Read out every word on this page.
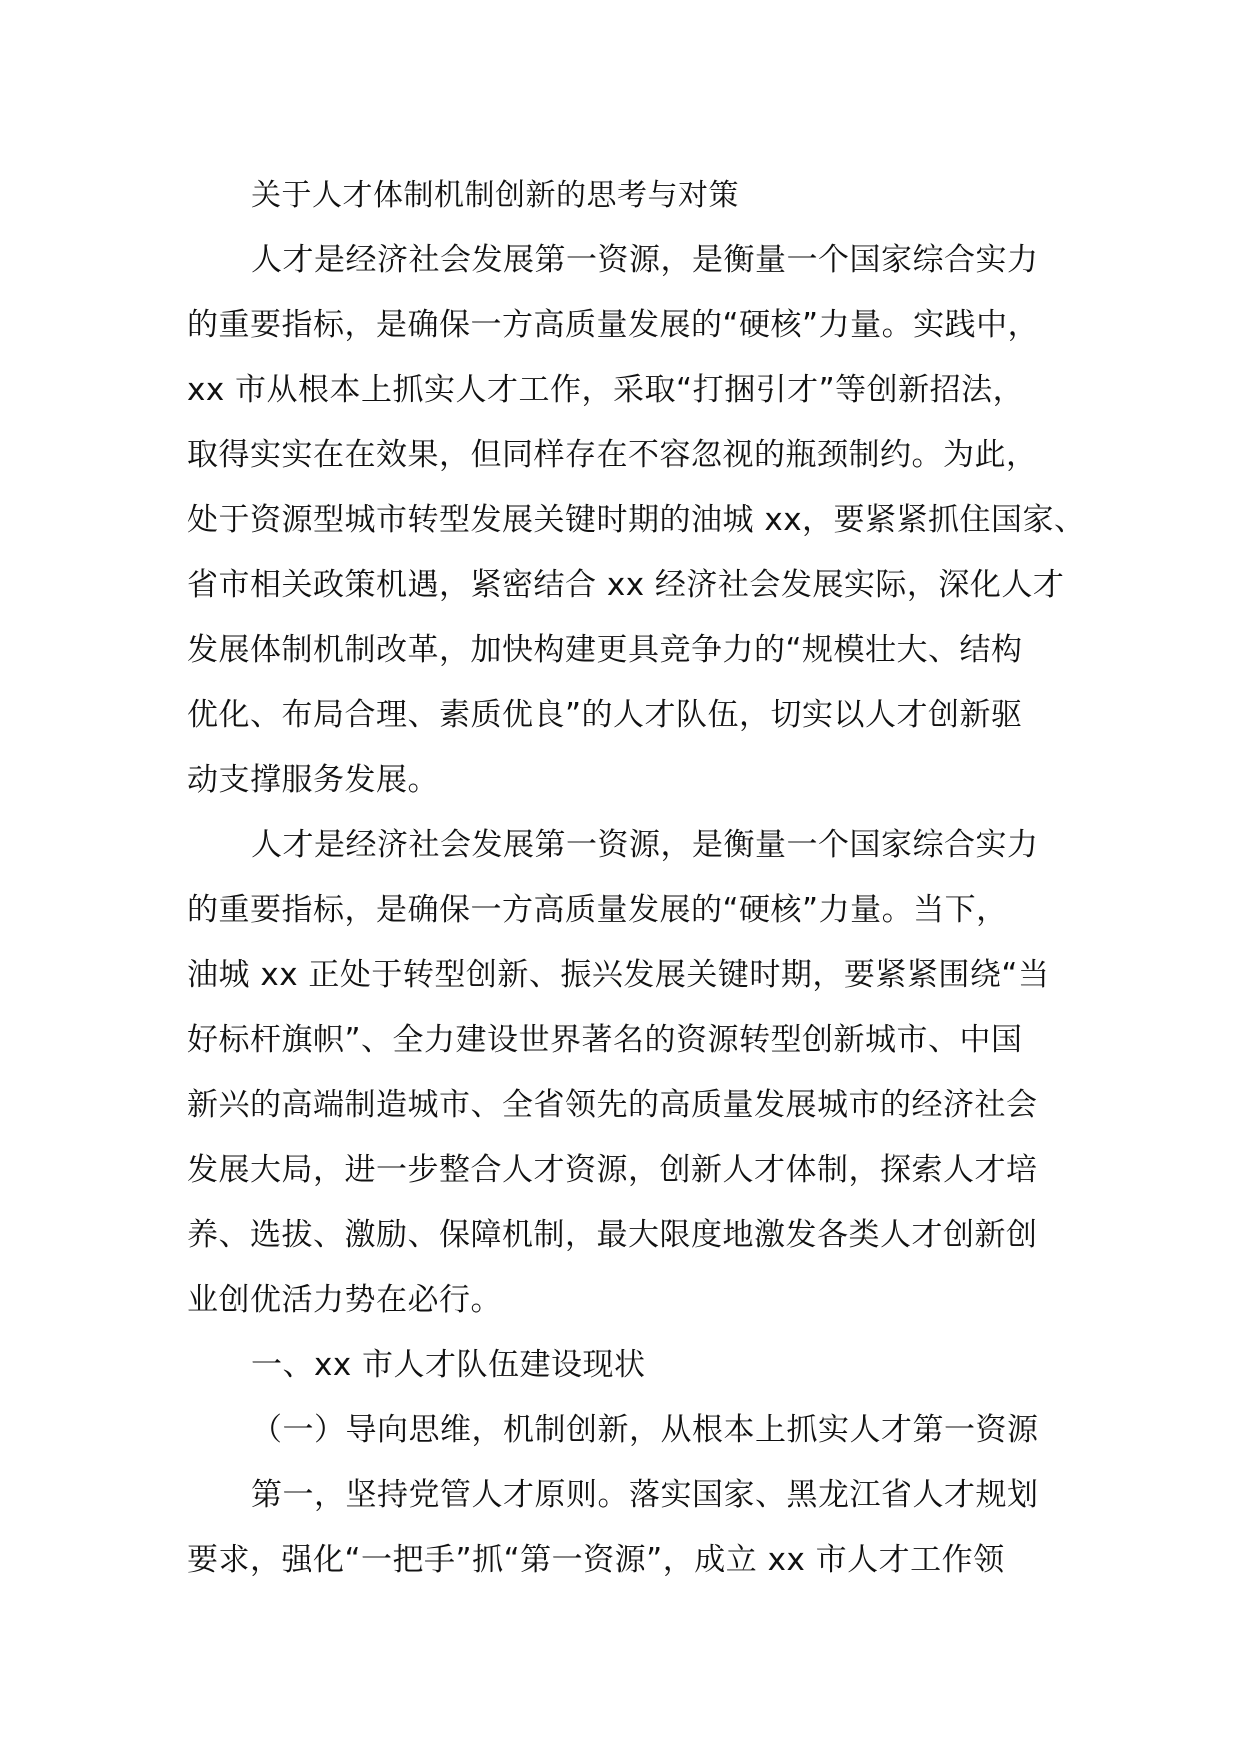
关于人才体制机制创新的思考与对策
人才是经济社会发展第一资源，是衡量一个国家综合实力
的重要指标，是确保一方高质量发展的“硬核”力量。实践中，
xx 市从根本上抓实人才工作，采取“打捆引才”等创新招法，
取得实实在在效果，但同样存在不容忽视的瓶颈制约。为此，
处于资源型城市转型发展关键时期的油城 xx，要紧紧抓住国家、
省市相关政策机遇，紧密结合 xx 经济社会发展实际，深化人才
发展体制机制改革，加快构建更具竞争力的“规模壮大、结构
优化、布局合理、素质优良”的人才队伍，切实以人才创新驱
动支撑服务发展。
人才是经济社会发展第一资源，是衡量一个国家综合实力
的重要指标，是确保一方高质量发展的“硬核”力量。当下，
油城 xx 正处于转型创新、振兴发展关键时期，要紧紧围绕“当
好标杆旗帜”、全力建设世界著名的资源转型创新城市、中国
新兴的高端制造城市、全省领先的高质量发展城市的经济社会
发展大局，进一步整合人才资源，创新人才体制，探索人才培
养、选拔、激励、保障机制，最大限度地激发各类人才创新创
业创优活力势在必行。
一、xx 市人才队伍建设现状
（一）导向思维，机制创新，从根本上抓实人才第一资源
第一，坚持党管人才原则。落实国家、黑龙江省人才规划
要求，强化“一把手”抓“第一资源”，成立 xx 市人才工作领
